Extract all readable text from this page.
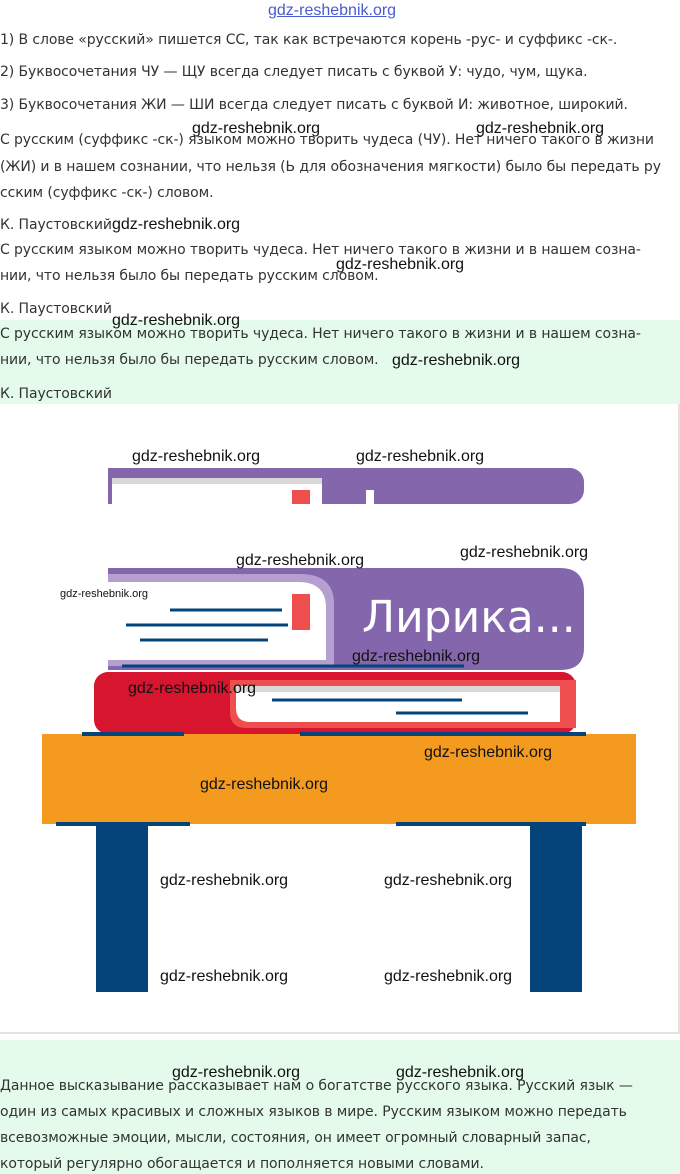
gdz-reshebnik.org
1) В слове «русский» пишется СС, так как встречаются корень -рус- и суффикс -ск-.
2) Буквосочетания ЧУ — ЩУ всегда следует писать с буквой У: чудо, чум, щука.
3) Буквосочетания ЖИ — ШИ всегда следует писать с буквой И: животное, широкий.
С русским (суффикс -ск-) языком можно творить чудеса (ЧУ). Нет ничего такого в жизни
(ЖИ) и в нашем сознании, что нельзя (Ь для обозначения мягкости) было бы передать ру
сским (суффикс -ск-) словом.
К. Паустовский
С русским языком можно творить чудеса. Нет ничего такого в жизни и в нашем созна-
нии, что нельзя было бы передать русским словом.
К. Паустовский
С русским языком можно творить чудеса. Нет ничего такого в жизни и в нашем созна-
нии, что нельзя было бы передать русским словом.
К. Паустовский
Лирика...
Данное высказывание рассказывает нам о богатстве русского языка. Русский язык —
один из самых красивых и сложных языков в мире. Русским языком можно передать
всевозможные эмоции, мысли, состояния, он имеет огромный словарный запас,
который регулярно обогащается и пополняется новыми словами.
gdz-reshebnik.org	gdz-reshebnik.org
gdz-reshebnik.org
gdz-reshebnik.org
gdz-reshebnik.org
gdz-reshebnik.org
gdz-reshebnik.org	gdz-reshebnik.org
gdz-reshebnik.org	gdz-reshebnik.org
gdz-reshebnik.org
gdz-reshebnik.org
gdz-reshebnik.org
gdz-reshebnik.org
gdz-reshebnik.org
gdz-reshebnik.org	gdz-reshebnik.org
gdz-reshebnik.org	gdz-reshebnik.org
gdz-reshebnik.org	gdz-reshebnik.org
